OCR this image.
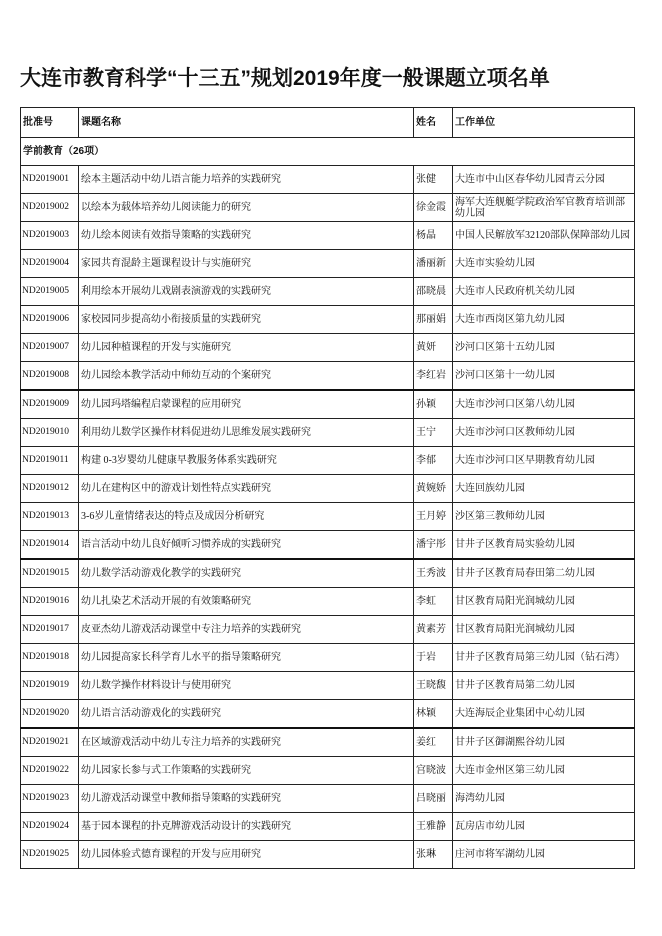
大连市教育科学“十三五”规划2019年度一般课题立项名单
批准号	课题名称	姓名	工作单位
学前教育（26项）			
ND2019001	绘本主题活动中幼儿语言能力培养的实践研究	张健	大连市中山区春华幼儿园青云分园
ND2019002	以绘本为载体培养幼儿阅读能力的研究	徐金霞	海军大连舰艇学院政治军官教育培训部幼儿园
ND2019003	幼儿绘本阅读有效指导策略的实践研究	杨晶	中国人民解放军32120部队保障部幼儿园
ND2019004	家园共育混龄主题课程设计与实施研究	潘丽新	大连市实验幼儿园
ND2019005	利用绘本开展幼儿戏剧表演游戏的实践研究	邵晓晨	大连市人民政府机关幼儿园
ND2019006	家校园同步提高幼小衔接质量的实践研究	那丽娟	大连市西岗区第九幼儿园
ND2019007	幼儿园种植课程的开发与实施研究	黄妍	沙河口区第十五幼儿园
ND2019008	幼儿园绘本教学活动中师幼互动的个案研究	李红岩	沙河口区第十一幼儿园
ND2019009	幼儿园玛塔编程启蒙课程的应用研究	孙颖	大连市沙河口区第八幼儿园
ND2019010	利用幼儿数学区操作材料促进幼儿思维发展实践研究	王宁	大连市沙河口区教师幼儿园
ND2019011	构建 0-3岁婴幼儿健康早教服务体系实践研究	李郁	大连市沙河口区早期教育幼儿园
ND2019012	幼儿在建构区中的游戏计划性特点实践研究	黄婉娇	大连回族幼儿园
ND2019013	3-6岁儿童情绪表达的特点及成因分析研究	王月婷	沙区第三教师幼儿园
ND2019014	语言活动中幼儿良好倾听习惯养成的实践研究	潘宇彤	甘井子区教育局实验幼儿园
ND2019015	幼儿数学活动游戏化教学的实践研究	王秀波	甘井子区教育局春田第二幼儿园
ND2019016	幼儿扎染艺术活动开展的有效策略研究	李虹	甘区教育局阳光润城幼儿园
ND2019017	皮亚杰幼儿游戏活动课堂中专注力培养的实践研究	黄素芳	甘区教育局阳光润城幼儿园
ND2019018	幼儿园提高家长科学育儿水平的指导策略研究	于岩	甘井子区教育局第三幼儿园（钻石湾）
ND2019019	幼儿数学操作材料设计与使用研究	王晓馥	甘井子区教育局第二幼儿园
ND2019020	幼儿语言活动游戏化的实践研究	林颖	大连海辰企业集团中心幼儿园
ND2019021	在区域游戏活动中幼儿专注力培养的实践研究	姜红	甘井子区御湖熙谷幼儿园
ND2019022	幼儿园家长参与式工作策略的实践研究	宫晓波	大连市金州区第三幼儿园
ND2019023	幼儿游戏活动课堂中教师指导策略的实践研究	吕晓丽	海湾幼儿园
ND2019024	基于园本课程的扑克牌游戏活动设计的实践研究	王雅静	瓦房店市幼儿园
ND2019025	幼儿园体验式德育课程的开发与应用研究	张琳	庄河市将军湖幼儿园
